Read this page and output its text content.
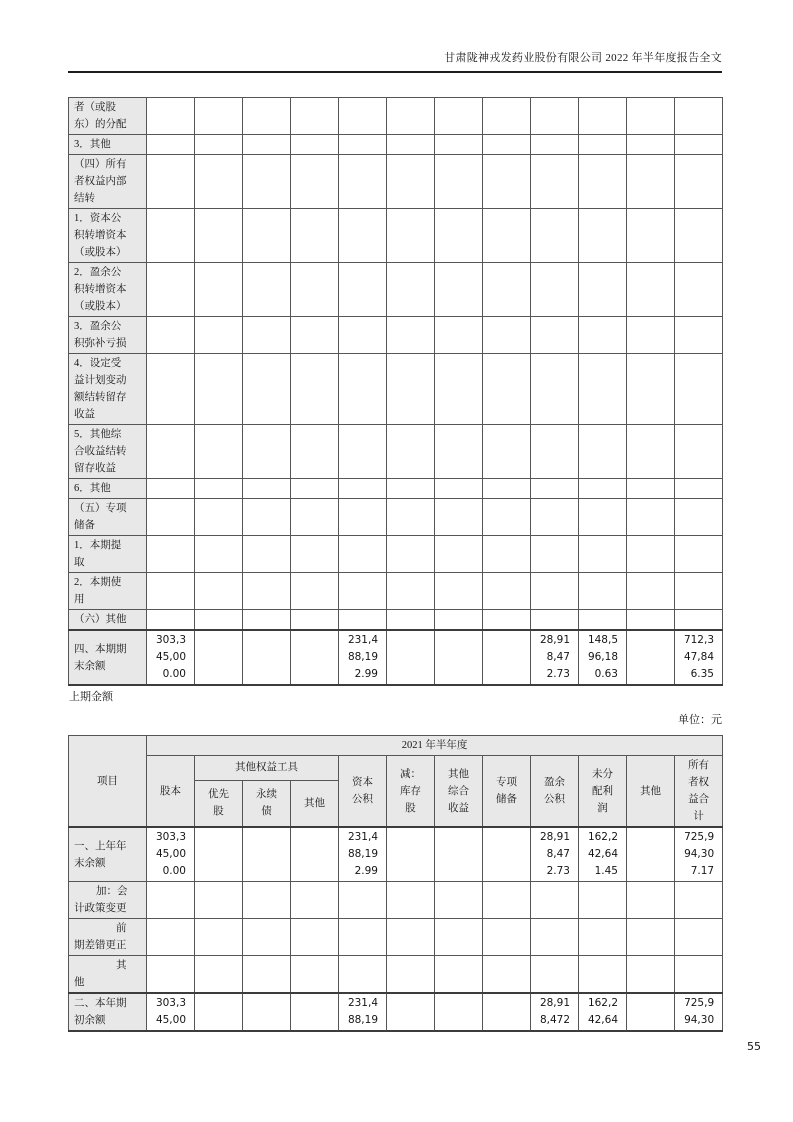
甘肃陇神戎发药业股份有限公司 2022 年半年度报告全文
者（或股东）的分配												
3．其他												
（四）所有者权益内部结转												
1．资本公积转增资本（或股本）												
2．盈余公积转增资本（或股本）												
3．盈余公积弥补亏损												
4．设定受益计划变动额结转留存收益												
5．其他综合收益结转留存收益												
6．其他												
（五）专项储备												
1．本期提取												
2．本期使用												
（六）其他												
四、本期期末余额	303,345,000.00				231,488,192.99				28,918,472.73	148,596,180.63		712,347,846.35
上期金额
单位：元
项目	2021 年半年度											
	股本	其他权益工具			资本公积	减：库存股	其他综合收益	专项储备	盈余公积	未分配利润	其他	所有者权益合计
		优先股	永续债	其他								
一、上年年末余额	303,345,000.00				231,488,192.99				28,918,472.73	162,242,641.45		725,994,307.17
加：会计政策变更												
前期差错更正												
其他												
二、本年期初余额	303,345,00				231,488,19				28,918,472	162,242,64		725,994,30
55
